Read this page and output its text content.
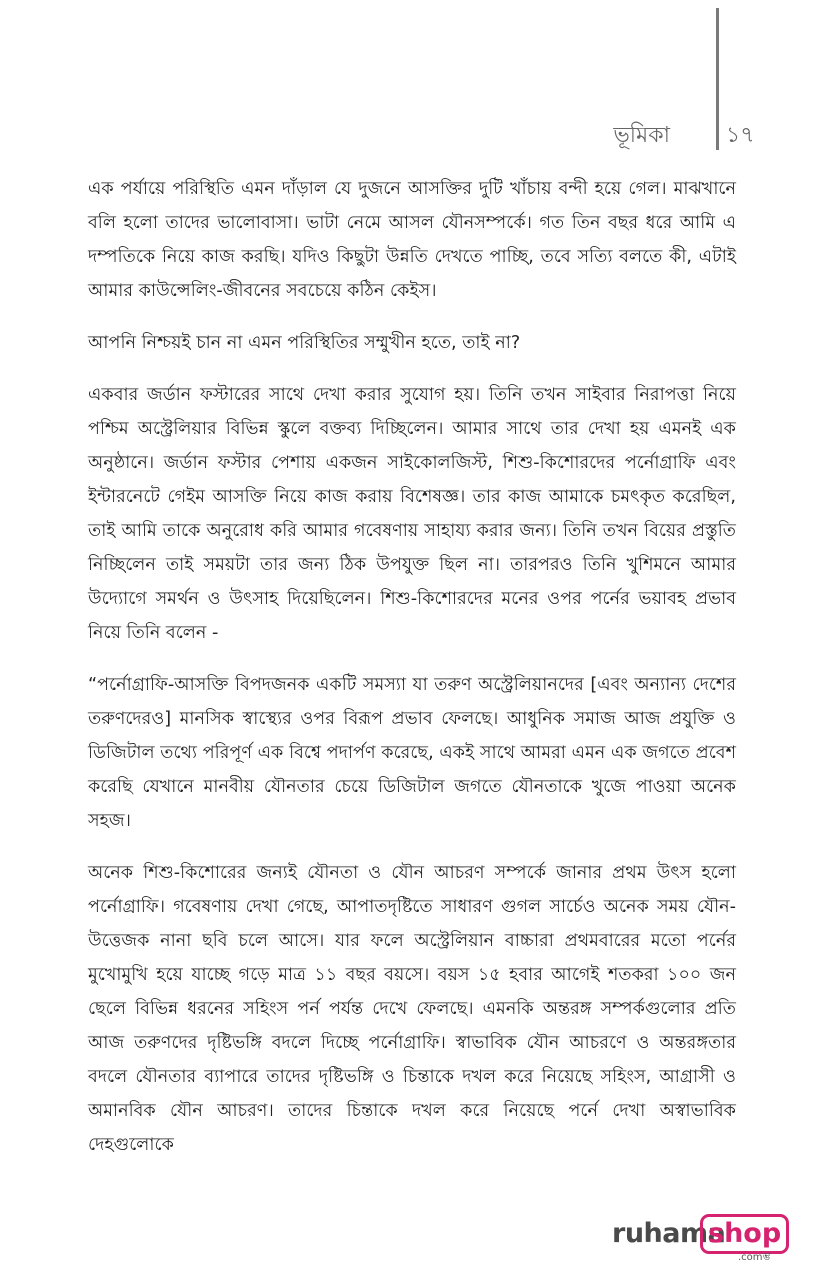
ভূমিকা	১৭

এক পর্যায়ে পরিস্থিতি এমন দাঁড়াল যে দুজনে আসক্তির দুটি খাঁচায় বন্দী হয়ে গেল। মাঝখানে বলি হলো তাদের ভালোবাসা। ভাটা নেমে আসল যৌনসম্পর্কে। গত তিন বছর ধরে আমি এ দম্পতিকে নিয়ে কাজ করছি। যদিও কিছুটা উন্নতি দেখতে পাচ্ছি, তবে সত্যি বলতে কী, এটাই আমার কাউন্সেলিং-জীবনের সবচেয়ে কঠিন কেইস।

আপনি নিশ্চয়ই চান না এমন পরিস্থিতির সম্মুখীন হতে, তাই না?

একবার জর্ডান ফস্টারের সাথে দেখা করার সুযোগ হয়। তিনি তখন সাইবার নিরাপত্তা নিয়ে পশ্চিম অস্ট্রেলিয়ার বিভিন্ন স্কুলে বক্তব্য দিচ্ছিলেন। আমার সাথে তার দেখা হয় এমনই এক অনুষ্ঠানে। জর্ডান ফস্টার পেশায় একজন সাইকোলজিস্ট, শিশু-কিশোরদের পর্নোগ্রাফি এবং ইন্টারনেটে গেইম আসক্তি নিয়ে কাজ করায় বিশেষজ্ঞ। তার কাজ আমাকে চমৎকৃত করেছিল, তাই আমি তাকে অনুরোধ করি আমার গবেষণায় সাহায্য করার জন্য। তিনি তখন বিয়ের প্রস্তুতি নিচ্ছিলেন তাই সময়টা তার জন্য ঠিক উপযুক্ত ছিল না। তারপরও তিনি খুশিমনে আমার উদ্যোগে সমর্থন ও উৎসাহ দিয়েছিলেন। শিশু-কিশোরদের মনের ওপর পর্নের ভয়াবহ প্রভাব নিয়ে তিনি বলেন -

“পর্নোগ্রাফি-আসক্তি বিপদজনক একটি সমস্যা যা তরুণ অস্ট্রেলিয়ানদের [এবং অন্যান্য দেশের তরুণদেরও] মানসিক স্বাস্থ্যের ওপর বিরূপ প্রভাব ফেলছে। আধুনিক সমাজ আজ প্রযুক্তি ও ডিজিটাল তথ্যে পরিপূর্ণ এক বিশ্বে পদার্পণ করেছে, একই সাথে আমরা এমন এক জগতে প্রবেশ করেছি যেখানে মানবীয় যৌনতার চেয়ে ডিজিটাল জগতে যৌনতাকে খুজে পাওয়া অনেক সহজ।

অনেক শিশু-কিশোরের জন্যই যৌনতা ও যৌন আচরণ সম্পর্কে জানার প্রথম উৎস হলো পর্নোগ্রাফি। গবেষণায় দেখা গেছে, আপাতদৃষ্টিতে সাধারণ গুগল সার্চেও অনেক সময় যৌন-উত্তেজক নানা ছবি চলে আসে। যার ফলে অস্ট্রেলিয়ান বাচ্চারা প্রথমবারের মতো পর্নের মুখোমুখি হয়ে যাচ্ছে গড়ে মাত্র ১১ বছর বয়সে। বয়স ১৫ হবার আগেই শতকরা ১০০ জন ছেলে বিভিন্ন ধরনের সহিংস পর্ন পর্যন্ত দেখে ফেলছে। এমনকি অন্তরঙ্গ সম্পর্কগুলোর প্রতি আজ তরুণদের দৃষ্টিভঙ্গি বদলে দিচ্ছে পর্নোগ্রাফি। স্বাভাবিক যৌন আচরণে ও অন্তরঙ্গতার বদলে যৌনতার ব্যাপারে তাদের দৃষ্টিভঙ্গি ও চিন্তাকে দখল করে নিয়েছে সহিংস, আগ্রাসী ও অমানবিক যৌন আচরণ। তাদের চিন্তাকে দখল করে নিয়েছে পর্নে দেখা অস্বাভাবিক দেহগুলোকে

ruhama
shop
.comম্ভ
